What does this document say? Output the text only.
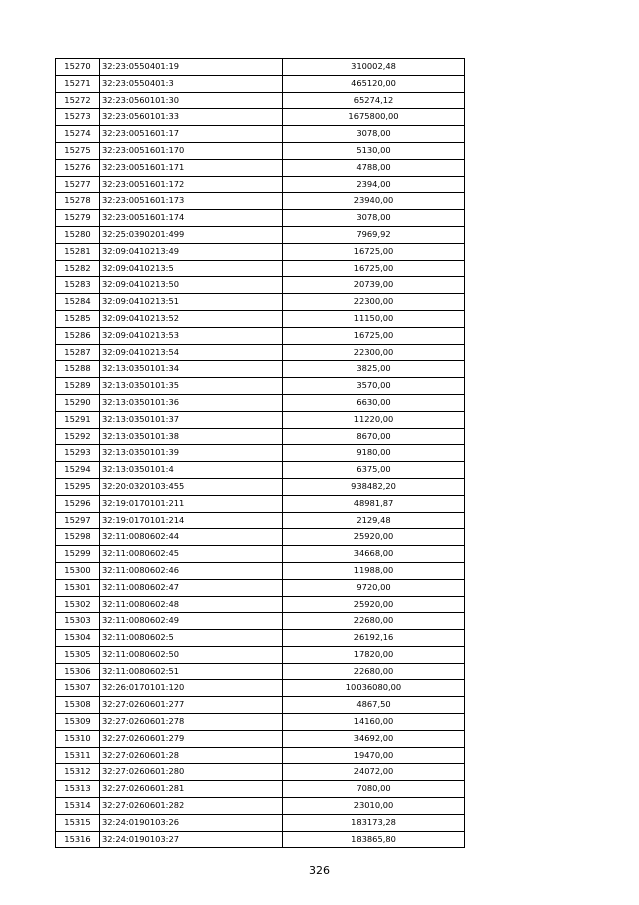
15270	32:23:0550401:19	310002,48
15271	32:23:0550401:3	465120,00
15272	32:23:0560101:30	65274,12
15273	32:23:0560101:33	1675800,00
15274	32:23:0051601:17	3078,00
15275	32:23:0051601:170	5130,00
15276	32:23:0051601:171	4788,00
15277	32:23:0051601:172	2394,00
15278	32:23:0051601:173	23940,00
15279	32:23:0051601:174	3078,00
15280	32:25:0390201:499	7969,92
15281	32:09:0410213:49	16725,00
15282	32:09:0410213:5	16725,00
15283	32:09:0410213:50	20739,00
15284	32:09:0410213:51	22300,00
15285	32:09:0410213:52	11150,00
15286	32:09:0410213:53	16725,00
15287	32:09:0410213:54	22300,00
15288	32:13:0350101:34	3825,00
15289	32:13:0350101:35	3570,00
15290	32:13:0350101:36	6630,00
15291	32:13:0350101:37	11220,00
15292	32:13:0350101:38	8670,00
15293	32:13:0350101:39	9180,00
15294	32:13:0350101:4	6375,00
15295	32:20:0320103:455	938482,20
15296	32:19:0170101:211	48981,87
15297	32:19:0170101:214	2129,48
15298	32:11:0080602:44	25920,00
15299	32:11:0080602:45	34668,00
15300	32:11:0080602:46	11988,00
15301	32:11:0080602:47	9720,00
15302	32:11:0080602:48	25920,00
15303	32:11:0080602:49	22680,00
15304	32:11:0080602:5	26192,16
15305	32:11:0080602:50	17820,00
15306	32:11:0080602:51	22680,00
15307	32:26:0170101:120	10036080,00
15308	32:27:0260601:277	4867,50
15309	32:27:0260601:278	14160,00
15310	32:27:0260601:279	34692,00
15311	32:27:0260601:28	19470,00
15312	32:27:0260601:280	24072,00
15313	32:27:0260601:281	7080,00
15314	32:27:0260601:282	23010,00
15315	32:24:0190103:26	183173,28
15316	32:24:0190103:27	183865,80
326
